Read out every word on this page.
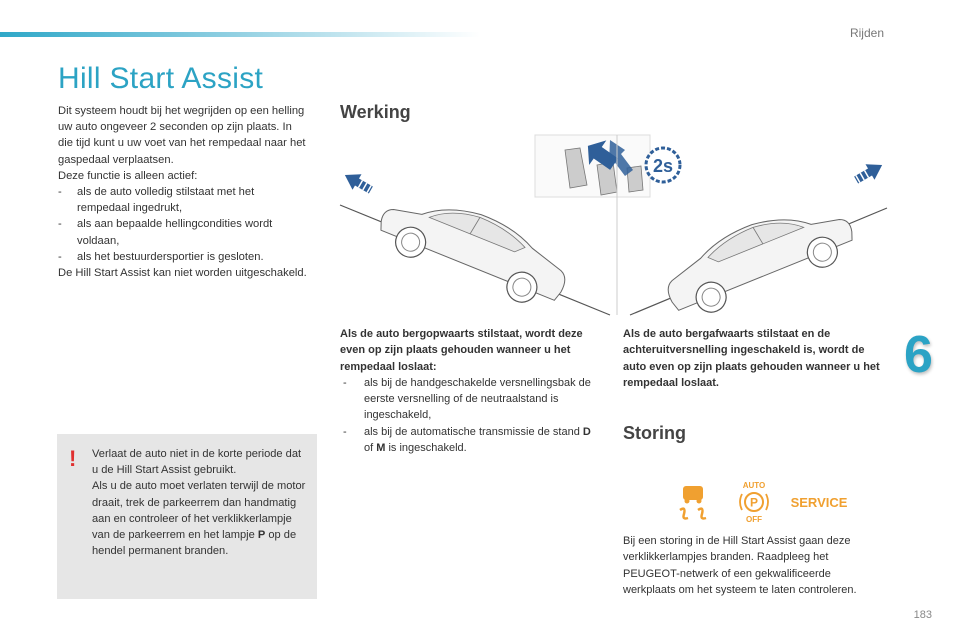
Rijden
Hill Start Assist

Dit systeem houdt bij het wegrijden op een helling uw auto ongeveer 2 seconden op zijn plaats. In die tijd kunt u uw voet van het rempedaal naar het gaspedaal verplaatsen.

Deze functie is alleen actief:

- als de auto volledig stilstaat met het rempedaal ingedrukt,
- als aan bepaalde hellingcondities wordt voldaan,
- als het bestuurdersportier is gesloten.

De Hill Start Assist kan niet worden uitgeschakeld.

Werking
2s

Als de auto bergopwaarts stilstaat, wordt deze even op zijn plaats gehouden wanneer u het rempedaal loslaat:

- als bij de handgeschakelde versnellingsbak de eerste versnelling of de neutraalstand is ingeschakeld,
- als bij de automatische transmissie de stand D of M is ingeschakeld.
Als de auto bergafwaarts stilstaat en de achteruitversnelling ingeschakeld is, wordt de auto even op zijn plaats gehouden wanneer u het rempedaal loslaat.
! Verlaat de auto niet in de korte periode dat u de Hill Start Assist gebruikt.

Als u de auto moet verlaten terwijl de motor draait, trek de parkeerrem dan handmatig aan en controleer of het verklikkerlampje van de parkeerrem en het lampje P op de hendel permanent branden.

Storing
AUTO
P
OFF
SERVICE
Bij een storing in de Hill Start Assist gaan deze verklikkerlampjes branden. Raadpleeg het PEUGEOT-netwerk of een gekwalificeerde werkplaats om het systeem te laten controleren.
6
183
